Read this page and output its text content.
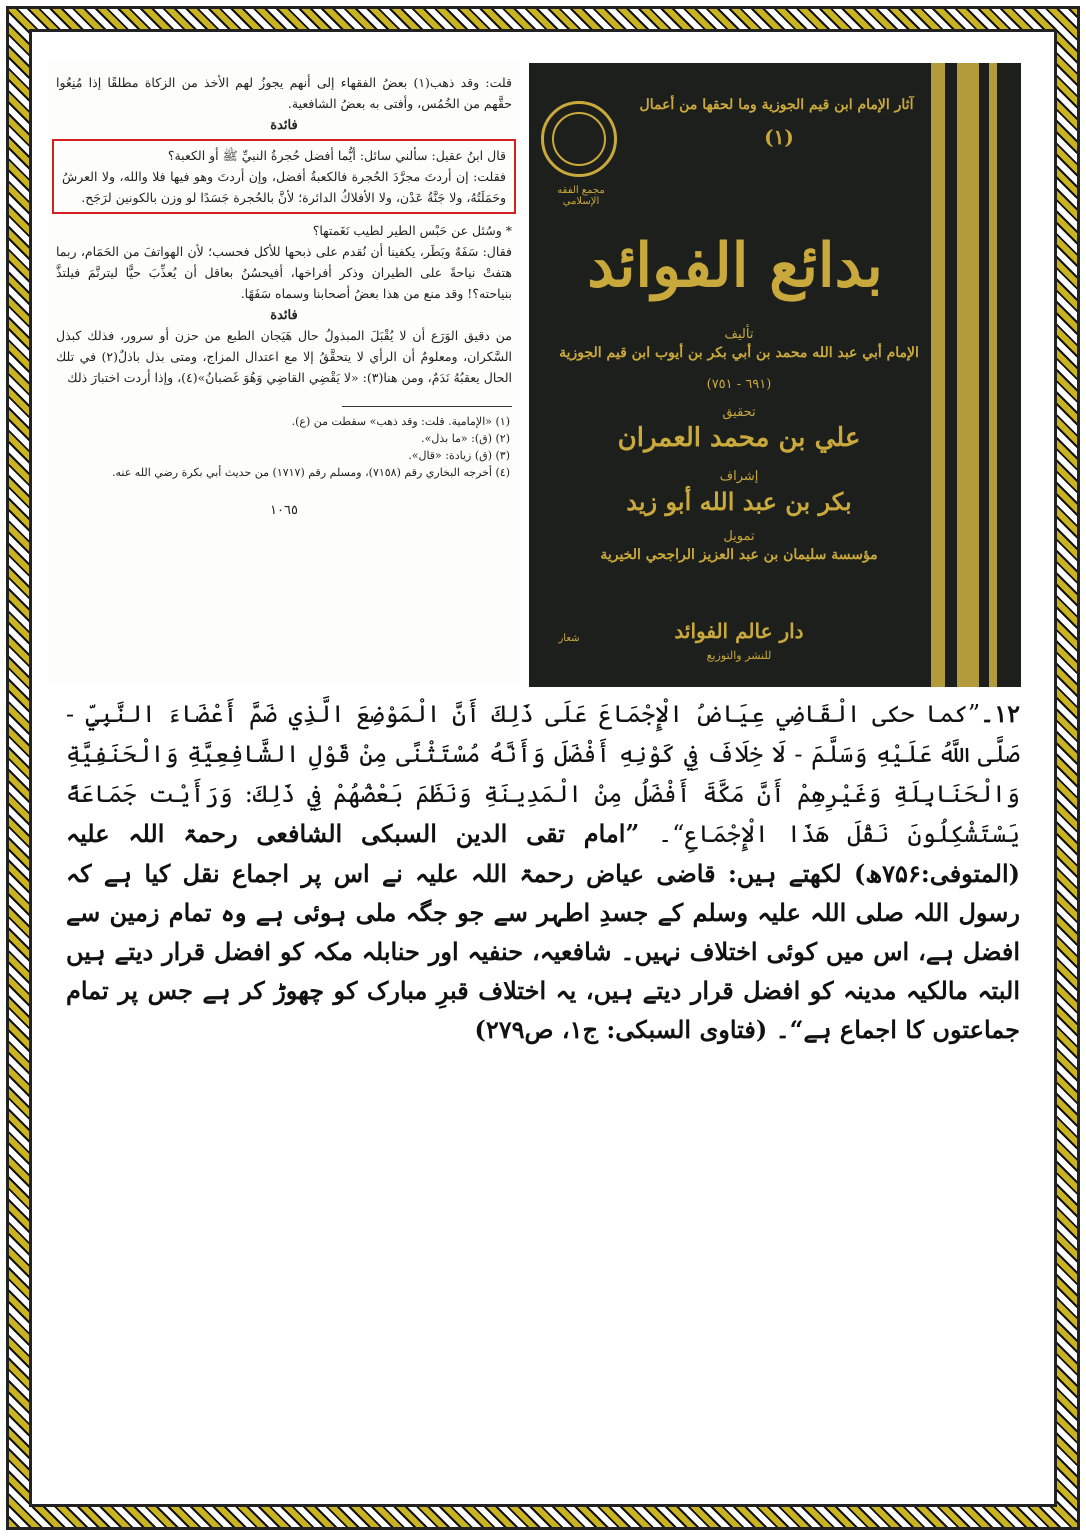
قلت: وقد ذهب(١) بعضُ الفقهاء إلى أنهم يجوزُ لهم الأخذ من الزكاة مطلقًا إذا مُنِعُوا حقَّهم من الخُمُس، وأفتى به بعضُ الشافعية.

فائدة

قال ابنُ عقيل: سألني سائل: أيُّما أفضل حُجرةُ النبيِّ ﷺ أو الكعبة؟

فقلت: إن أردتَ مجرَّدَ الحُجرة فالكعبةُ أفضل، وإن أردتَ وهو فيها فلا والله، ولا العرشُ وحَمَلَتُهُ، ولا جَنَّةُ عَدْن، ولا الأفلاكُ الدائرة؛ لأنَّ بالحُجرة جَسَدًا لو وزن بالكونين لرَجَح.

* وسُئل عن حَبْس الطير لطيب نَغَمتها؟

فقال: سَفَهٌ وبَطَر، يكفينا أن نُقدم على ذبحها للأكل فحسب؛ لأن الهواتفَ من الحَمَام، ربما هتفتْ نياحةً على الطيران وذكر أفراخها، أفيحسُنُ بعاقل أن يُعذِّبَ حيًّا ليترنَّمَ فيلتذَّ بنياحته؟! وقد منع من هذا بعضُ أصحابنا وسماه سَفَهًا.

فائدة

من دقيق الوَرَع أن لا يُقْبَلَ المبذولُ حال هَيَجان الطبع من حزن أو سرور، فذلك كبذل السَّكران، ومعلومٌ أن الرأي لا يتحقَّقُ إلا مع اعتدال المزاج، ومتى بذل باذلٌ(٢) في تلك الحال يعقبُهُ نَدَمٌ، ومن هنا(٣): «لا يَقْضِي القاضِي وَهُوَ غَضبانُ»(٤)، وإذا أردت اختبارَ ذلك

(١) «الإمامية. قلت: وقد ذهب» سقطت من (ع).

(٢) (ق): «ما بذل».

(٣) (ق) زيادة: «قال».

(٤) أخرجه البخاري رقم (٧١٥٨)، ومسلم رقم (١٧١٧) من حديث أبي بكرة رضي الله عنه.

١٠٦٥
مجمع الفقه الإسلامي
آثار الإمام ابن قيم الجوزية وما لحقها من أعمال
(١)
بدائع الفوائد
تأليف
الإمام أبي عبد الله محمد بن أبي بكر بن أيوب ابن قيم الجوزية
(٦٩١ - ٧٥١)
تحقيق
علي بن محمد العمران
إشراف
بكر بن عبد الله أبو زيد
تمويل
مؤسسة سليمان بن عبد العزيز الراجحي الخيرية
دار عالم الفوائد
للنشر والتوزيع
شعار
۱۲۔”كما حكى الْقَاضِي عِيَاضُ الْإِجْمَاعَ عَلَى ذَلِكَ أَنَّ الْمَوْضِعَ الَّذِي ضَمَّ أَعْضَاءَ النَّبِيِّ - صَلَّى اللَّهُ عَلَيْهِ وَسَلَّمَ - لَا خِلَافَ فِي كَوْنِهِ أَفْضَلَ وَأَنَّهُ مُسْتَثْنًى مِنْ قَوْلِ الشَّافِعِيَّةِ وَالْحَنَفِيَّةِ وَالْحَنَابِلَةِ وَغَيْرِهِمْ أَنَّ مَكَّةَ أَفْضَلُ مِنْ الْمَدِينَةِ وَنَظَمَ بَعْضُهُمْ فِي ذَلِكَ: وَرَأَيْت جَمَاعَةً يَسْتَشْكِلُونَ نَقْلَ هَذَا الْإِجْمَاعِ“۔ ”امام تقی الدین السبکی الشافعی رحمۃ اللہ علیہ (المتوفی:۷۵۶ھ) لکھتے ہیں: قاضی عیاض رحمۃ اللہ علیہ نے اس پر اجماع نقل کیا ہے کہ رسول اللہ صلی اللہ علیہ وسلم کے جسدِ اطہر سے جو جگہ ملی ہوئی ہے وہ تمام زمین سے افضل ہے، اس میں کوئی اختلاف نہیں۔ شافعیہ، حنفیہ اور حنابلہ مکہ کو افضل قرار دیتے ہیں البتہ مالکیہ مدینہ کو افضل قرار دیتے ہیں، یہ اختلاف قبرِ مبارک کو چھوڑ کر ہے جس پر تمام جماعتوں کا اجماع ہے“۔ (فتاوی السبکی: ج۱، ص۲۷۹)
